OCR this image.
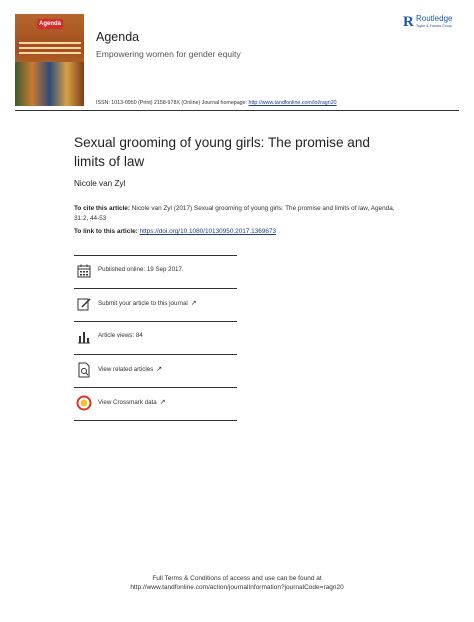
Agenda
Agenda
Empowering women for gender equity
R Routledge
Taylor & Francis Group
ISSN: 1013-0950 (Print) 2158-978X (Online) Journal homepage: http://www.tandfonline.com/loi/ragn20
Sexual grooming of young girls: The promise and limits of law
Nicole van Zyl
To cite this article: Nicole van Zyl (2017) Sexual grooming of young girls: The promise and limits of law, Agenda, 31:2, 44-53
To link to this article: https://doi.org/10.1080/10130950.2017.1369673
Published online: 19 Sep 2017.
Submit your article to this journal ↗
Article views: 84
View related articles ↗
View Crossmark data ↗
Full Terms & Conditions of access and use can be found at
http://www.tandfonline.com/action/journalInformation?journalCode=ragn20
